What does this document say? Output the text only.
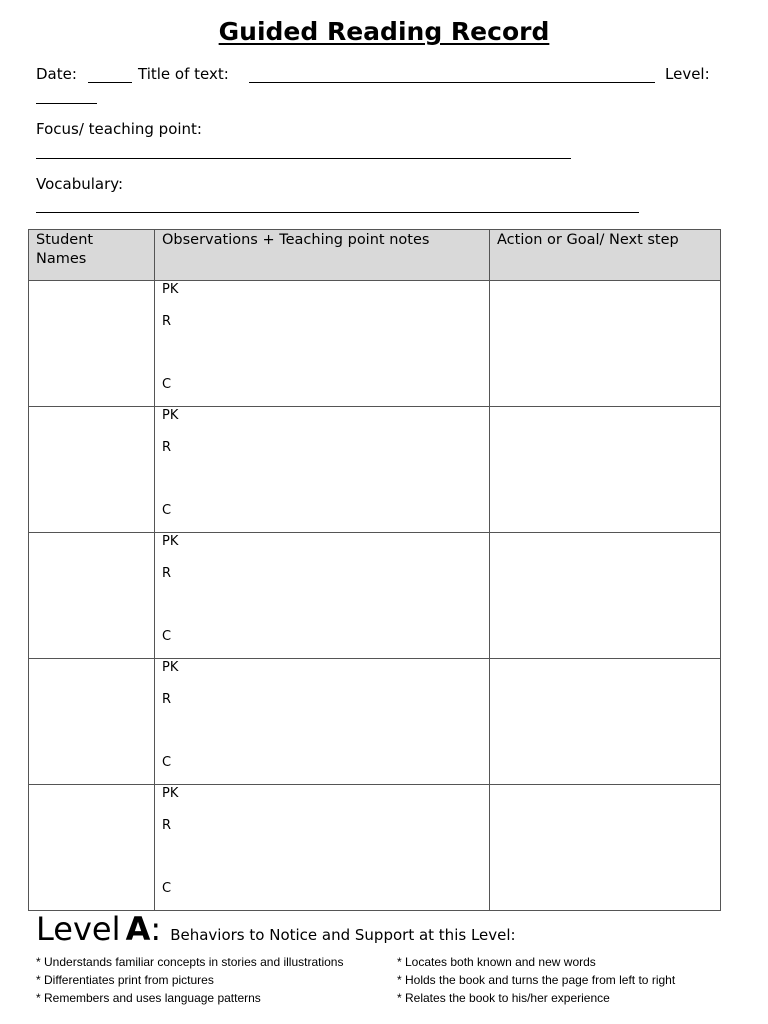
Guided Reading Record
Date:	Title of text:	Level:
Focus/ teaching point:
Vocabulary:
Student Names	Observations + Teaching point notes	Action or Goal/ Next step

	PK
R
C	

	PK
R
C	

	PK
R
C	

	PK
R
C	

	PK
R
C	

Level A: Behaviors to Notice and Support at this Level:
* Understands familiar concepts in stories and illustrations
* Differentiates print from pictures
* Remembers and uses language patterns
* Locates both known and new words
* Holds the book and turns the page from left to right
* Relates the book to his/her experience
